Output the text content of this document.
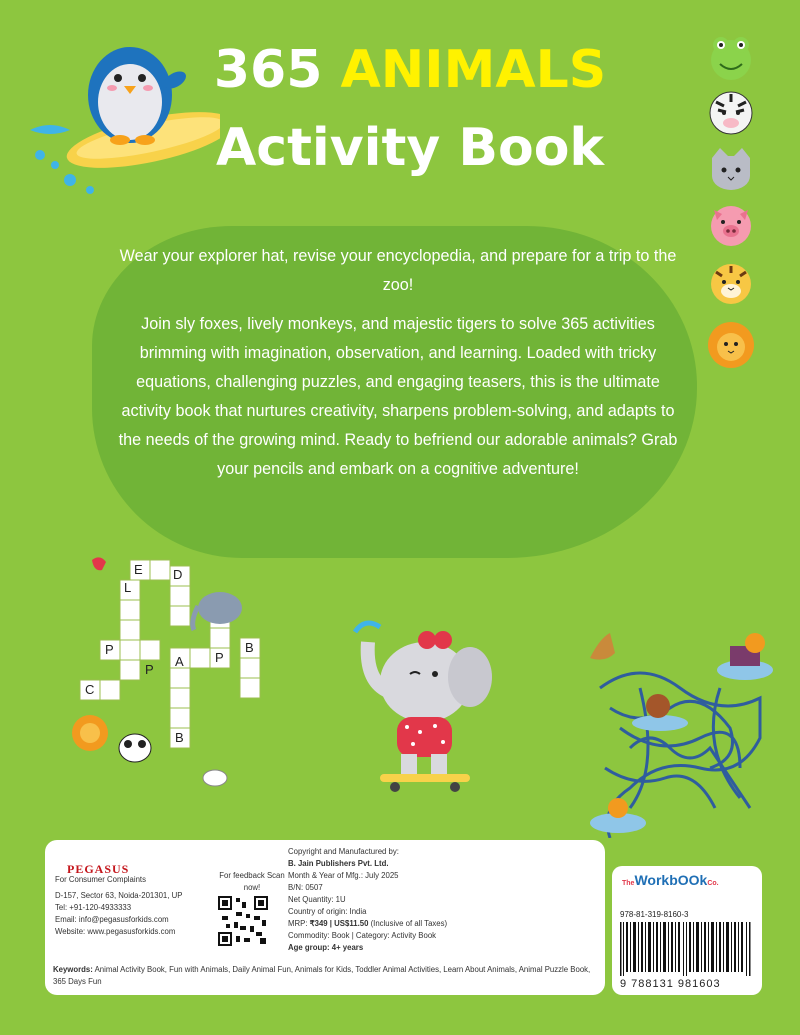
365 ANIMALS
Activity Book

Wear your explorer hat, revise your encyclopedia, and prepare for a trip to the zoo!

Join sly foxes, lively monkeys, and majestic tigers to solve 365 activities brimming with imagination, observation, and learning. Loaded with tricky equations, challenging puzzles, and engaging teasers, this is the ultimate activity book that nurtures creativity, sharpens problem-solving, and adapts to the needs of the growing mind. Ready to befriend our adorable animals? Grab your pencils and embark on a cognitive adventure!

E
L
D
P	B
P
A P
C
B
PEGASUS
For Consumer Complaints
D-157, Sector 63, Noida-201301, UP
Tel: +91-120-4933333
Email: info@pegasusforkids.com
Website: www.pegasusforkids.com
For feedback Scan now!
Copyright and Manufactured by:
B. Jain Publishers Pvt. Ltd.
Month & Year of Mfg.: July 2025
B/N: 0507
Net Quantity: 1U
Country of origin: India
MRP: ₹349 | US$11.50 (Inclusive of all Taxes)
Commodity: Book | Category: Activity Book
Age group: 4+ years
Keywords: Animal Activity Book, Fun with Animals, Daily Animal Fun, Animals for Kids, Toddler Animal Activities, Learn About Animals, Animal Puzzle Book, 365 Days Fun
TheWorkbOOkCo.
978-81-319-8160-3
9 788131 981603
